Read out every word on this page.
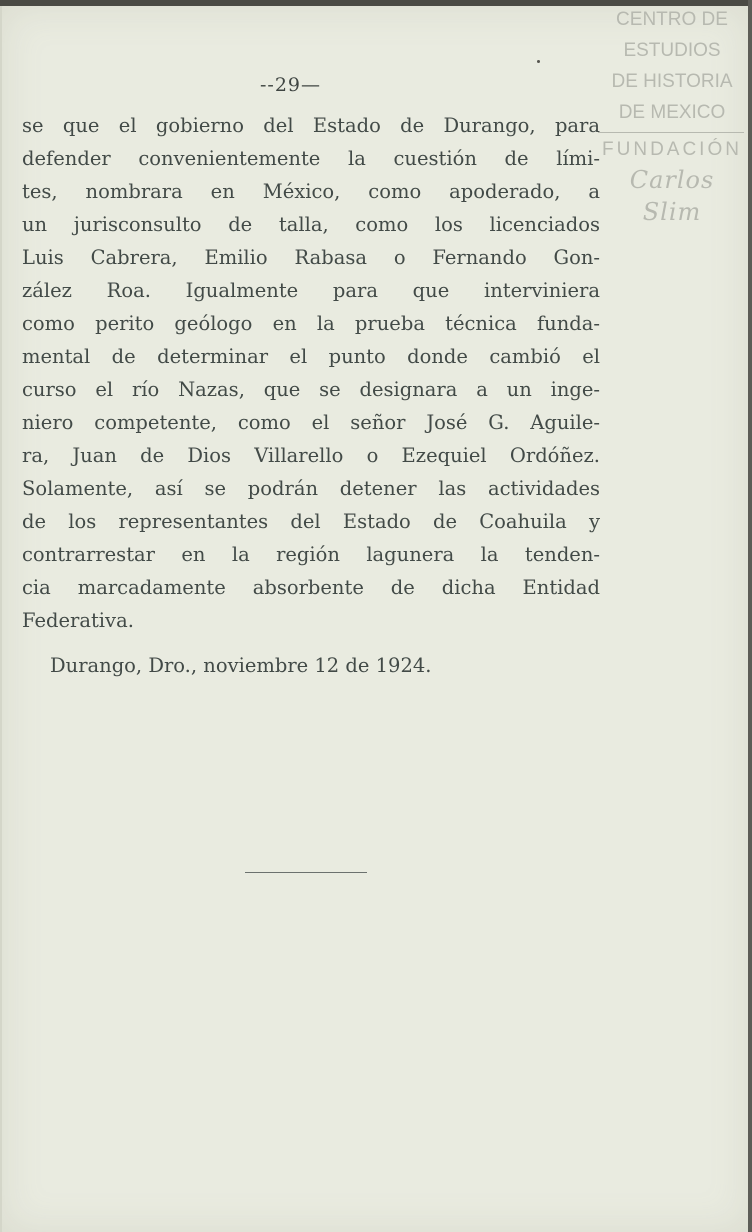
--29—
se que el gobierno del Estado de Durango, para
defender convenientemente la cuestión de lími-
tes, nombrara en México, como apoderado, a
un jurisconsulto de talla, como los licenciados
Luis Cabrera, Emilio Rabasa o Fernando Gon-
zález Roa. Igualmente para que interviniera
como perito geólogo en la prueba técnica funda-
mental de determinar el punto donde cambió el
curso el río Nazas, que se designara a un inge-
niero competente, como el señor José G. Aguile-
ra, Juan de Dios Villarello o Ezequiel Ordóñez.
Solamente, así se podrán detener las actividades
de los representantes del Estado de Coahuila y
contrarrestar en la región lagunera la tenden-
cia marcadamente absorbente de dicha Entidad
Federativa.
Durango, Dro., noviembre 12 de 1924.
CENTRO DE
ESTUDIOS
DE HISTORIA
DE MEXICO
FUNDACIÓN
Carlos Slim
